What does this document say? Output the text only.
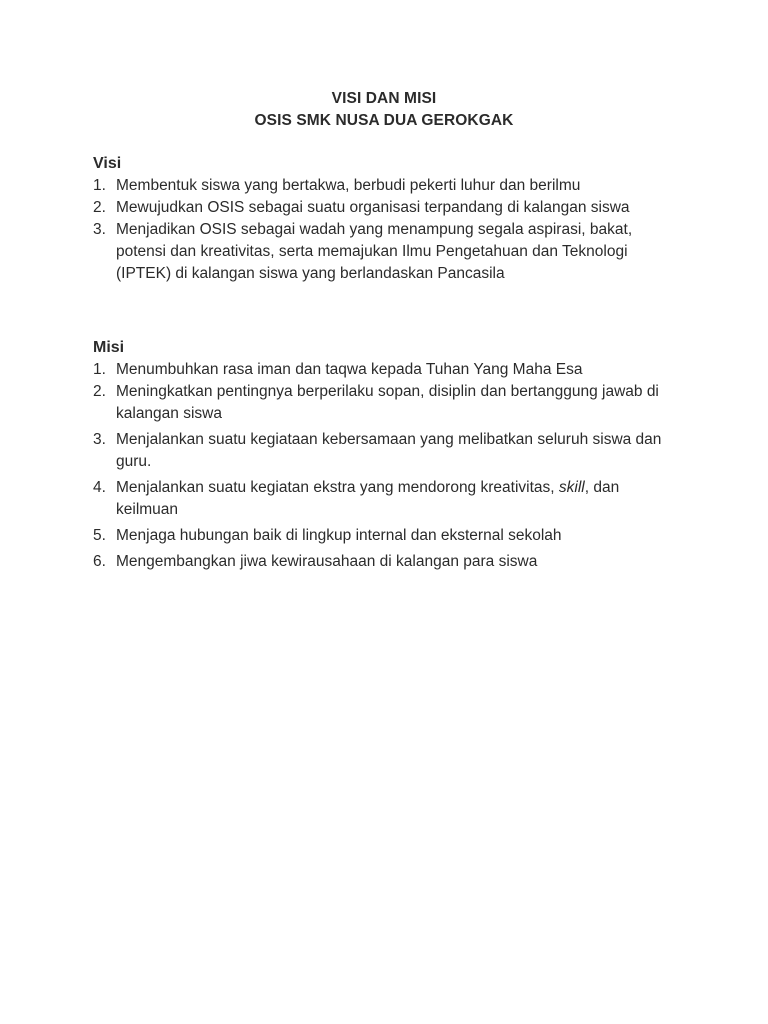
VISI DAN MISI
OSIS SMK NUSA DUA GEROKGAK
Visi
1. Membentuk siswa yang bertakwa, berbudi pekerti luhur dan berilmu
2. Mewujudkan OSIS sebagai suatu organisasi terpandang di kalangan siswa
3. Menjadikan OSIS sebagai wadah yang menampung segala aspirasi, bakat, potensi dan kreativitas, serta memajukan Ilmu Pengetahuan dan Teknologi (IPTEK) di kalangan siswa yang berlandaskan Pancasila
Misi
1. Menumbuhkan rasa iman dan taqwa kepada Tuhan Yang Maha Esa
2. Meningkatkan pentingnya berperilaku sopan, disiplin dan bertanggung jawab di kalangan siswa
3. Menjalankan suatu kegiataan kebersamaan yang melibatkan seluruh siswa dan guru.
4. Menjalankan suatu kegiatan ekstra yang mendorong kreativitas, skill, dan keilmuan
5. Menjaga hubungan baik di lingkup internal dan eksternal sekolah
6. Mengembangkan jiwa kewirausahaan di kalangan para siswa
